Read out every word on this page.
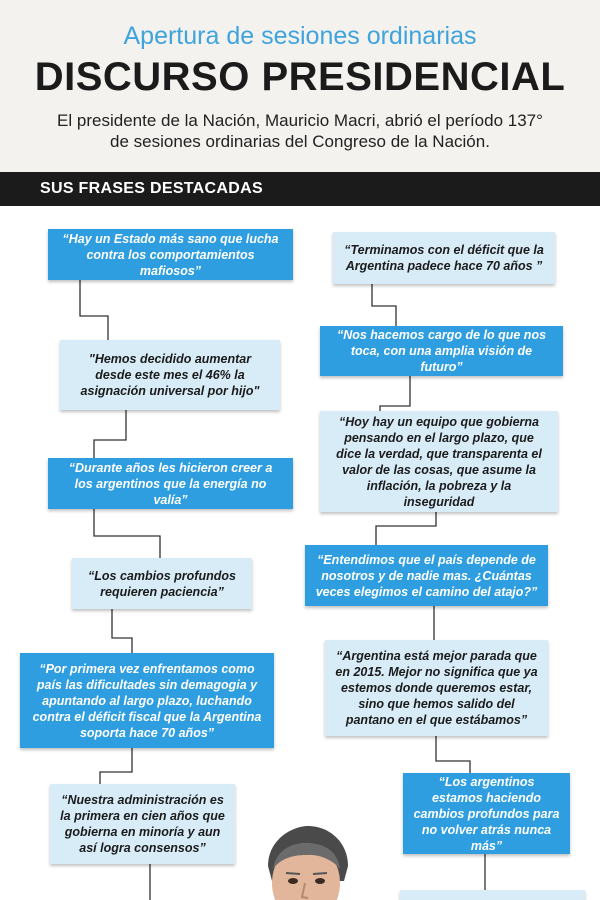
Apertura de sesiones ordinarias
DISCURSO PRESIDENCIAL
El presidente de la Nación, Mauricio Macri, abrió el período 137° de sesiones ordinarias del Congreso de la Nación.
SUS FRASES DESTACADAS
“Hay un Estado más sano que lucha contra los comportamientos mafiosos”
"Hemos decidido aumentar desde este mes el 46% la asignación universal por hijo"
“Durante años les hicieron creer a los argentinos que la energía no valía”
“Los cambios profundos requieren paciencia”
“Por primera vez enfrentamos como país las dificultades sin demagogia y apuntando al largo plazo, luchando contra el déficit fiscal que la Argentina soporta hace 70 años”
“Nuestra administración es la primera en cien años que gobierna en minoría y aun así logra consensos”
“Terminamos con el déficit que la Argentina padece hace 70 años ”
“Nos hacemos cargo de lo que nos toca, con una amplia visión de futuro”
“Hoy hay un equipo que gobierna pensando en el largo plazo, que dice la verdad, que transparenta el valor de las cosas, que asume la inflación, la pobreza y la inseguridad
“Entendimos que el país depende de nosotros y de nadie mas. ¿Cuántas veces elegimos el camino del atajo?”
“Argentina está mejor parada que en 2015. Mejor no significa que ya estemos donde queremos estar, sino que hemos salido del pantano en el que estábamos”
“Los argentinos estamos haciendo cambios profundos para no volver atrás nunca más”
